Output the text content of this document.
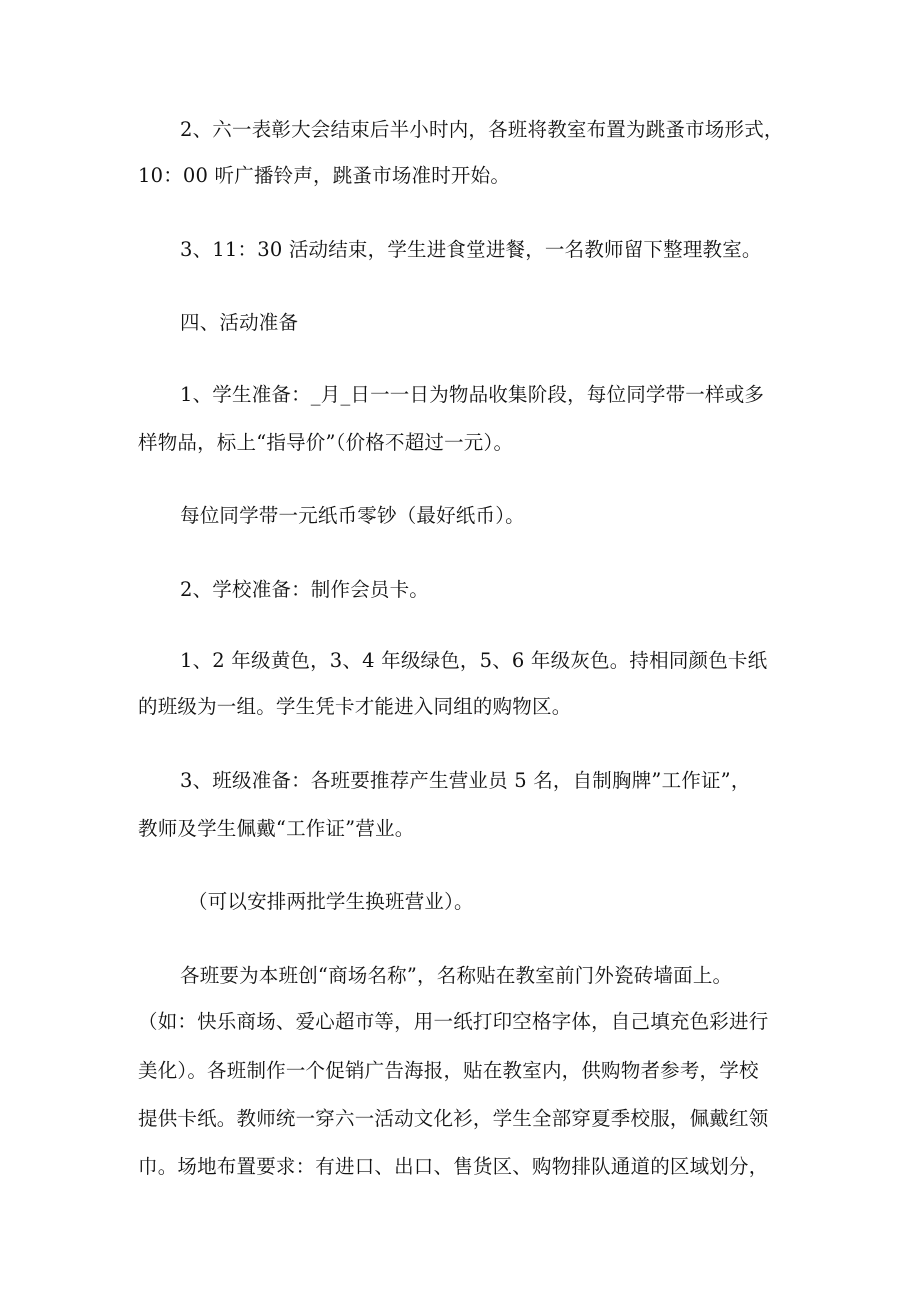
2、六一表彰大会结束后半小时内，各班将教室布置为跳蚤市场形式，
10：00 听广播铃声，跳蚤市场准时开始。
3、11：30 活动结束，学生进食堂进餐，一名教师留下整理教室。
四、活动准备
1、学生准备：_月_日一一日为物品收集阶段，每位同学带一样或多
样物品，标上“指导价”（价格不超过一元）。
每位同学带一元纸币零钞（最好纸币）。
2、学校准备：制作会员卡。
1、2 年级黄色，3、4 年级绿色，5、6 年级灰色。持相同颜色卡纸
的班级为一组。学生凭卡才能进入同组的购物区。
3、班级准备：各班要推荐产生营业员 5 名，自制胸牌”工作证”，
教师及学生佩戴“工作证”营业。
（可以安排两批学生换班营业）。
各班要为本班创“商场名称”，名称贴在教室前门外瓷砖墙面上。
（如：快乐商场、爱心超市等，用一纸打印空格字体，自己填充色彩进行
美化）。各班制作一个促销广告海报，贴在教室内，供购物者参考，学校
提供卡纸。教师统一穿六一活动文化衫，学生全部穿夏季校服，佩戴红领
巾。场地布置要求：有进口、出口、售货区、购物排队通道的区域划分，
